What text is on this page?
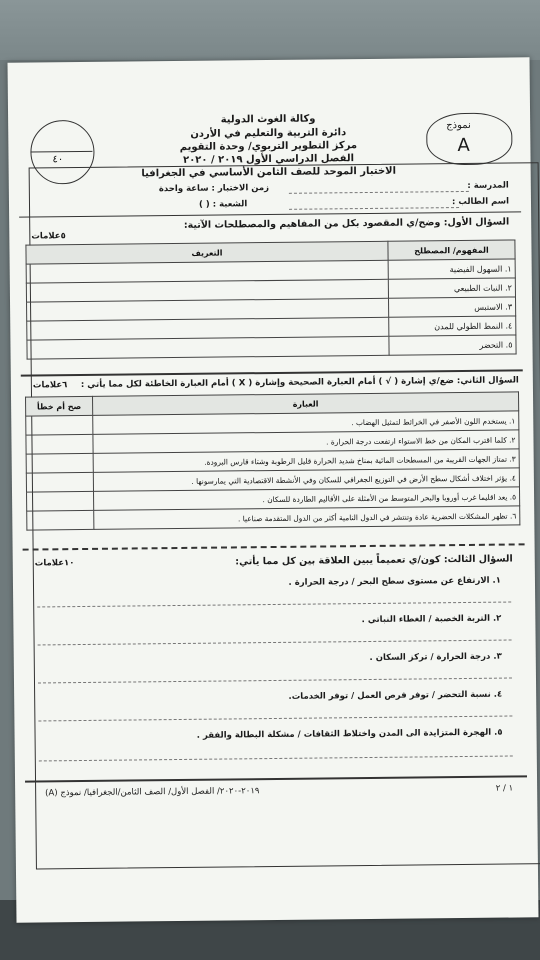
٤٠
نموذج
A
وكالة الغوث الدولية
دائرة التربية والتعليم في الأردن
مركز التطوير التربوي/ وحدة التقويم
الفصل الدراسي الأول ٢٠١٩ / ٢٠٢٠
الاختبار الموحد للصف الثامن الأساسي في الجغرافيا
المدرسة :
اسم الطالب :
زمن الاختبار : ساعة واحدة
الشعبة : ( )
السؤال الأول: وضح/ي المقصود بكل من المفاهيم والمصطلحات الآتية:
٥علامات
المفهوم/ المصطلح	التعريف
١. السهول الفيضية	
٢. النبات الطبيعي	
٣. الاستبس	
٤. النمط الطولي للمدن	
٥. التحضر	
السؤال الثاني: ضع/ي إشارة ( √ ) أمام العبارة الصحيحة وإشارة ( X ) أمام العبارة الخاطئة لكل مما يأتي :
٦علامات
العبارة	صح أم خطأ
١. يستخدم اللون الأصفر في الخرائط لتمثيل الهضاب .	
٢. كلما اقترب المكان من خط الاستواء ارتفعت درجة الحرارة .	
٣. تمتاز الجهات القريبة من المسطحات المائية بمناخ شديد الحرارة قليل الرطوبة وشتاء قارس البرودة.	
٤. يؤثر اختلاف أشكال سطح الأرض في التوزيع الجغرافي للسكان وفي الأنشطة الاقتصادية التي يمارسونها .	
٥. يعد اقليما غرب أوروبا والبحر المتوسط من الأمثلة على الأقاليم الطاردة للسكان .	
٦. تظهر المشكلات الحضرية عادة وتنتشر في الدول النامية أكثر من الدول المتقدمة صناعيا .	
السؤال الثالث: كون/ي تعميماً يبين العلاقة بين كل مما يأتي:
١٠علامات
١. الارتفاع عن مستوى سطح البحر / درجة الحرارة .
٢. التربة الخصبة / الغطاء النباتي .
٣. درجة الحرارة / تركز السكان .
٤. نسبة التحضر / توفر فرص العمل / توفر الخدمات.
٥. الهجرة المتزايدة الى المدن واختلاط الثقافات / مشكلة البطالة والفقر .
٢٠١٩-٢٠٢٠/ الفصل الأول/ الصف الثامن/الجغرافيا/ نموذج (A)	١ / ٢
